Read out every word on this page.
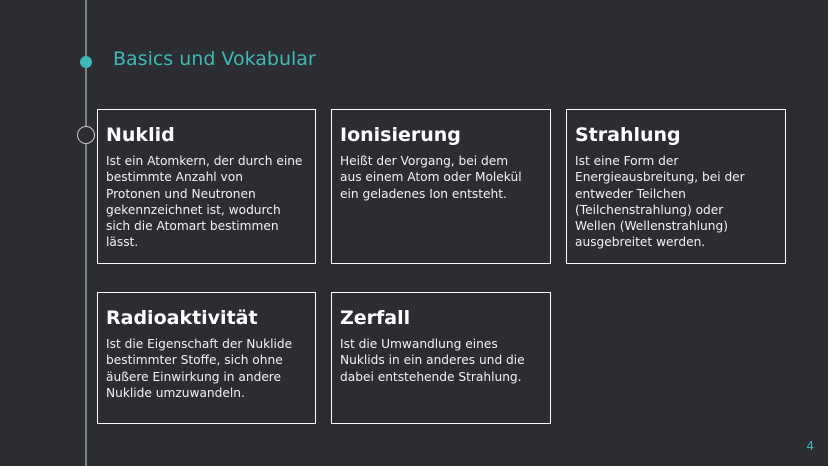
Basics und Vokabular
Nuklid
Ist ein Atomkern, der durch eine
bestimmte Anzahl von
Protonen und Neutronen
gekennzeichnet ist, wodurch
sich die Atomart bestimmen
lässt.
Ionisierung
Heißt der Vorgang, bei dem
aus einem Atom oder Molekül
ein geladenes Ion entsteht.
Strahlung
Ist eine Form der
Energieausbreitung, bei der
entweder Teilchen
(Teilchenstrahlung) oder
Wellen (Wellenstrahlung)
ausgebreitet werden.
Radioaktivität
Ist die Eigenschaft der Nuklide
bestimmter Stoffe, sich ohne
äußere Einwirkung in andere
Nuklide umzuwandeln.
Zerfall
Ist die Umwandlung eines
Nuklids in ein anderes und die
dabei entstehende Strahlung.
4
